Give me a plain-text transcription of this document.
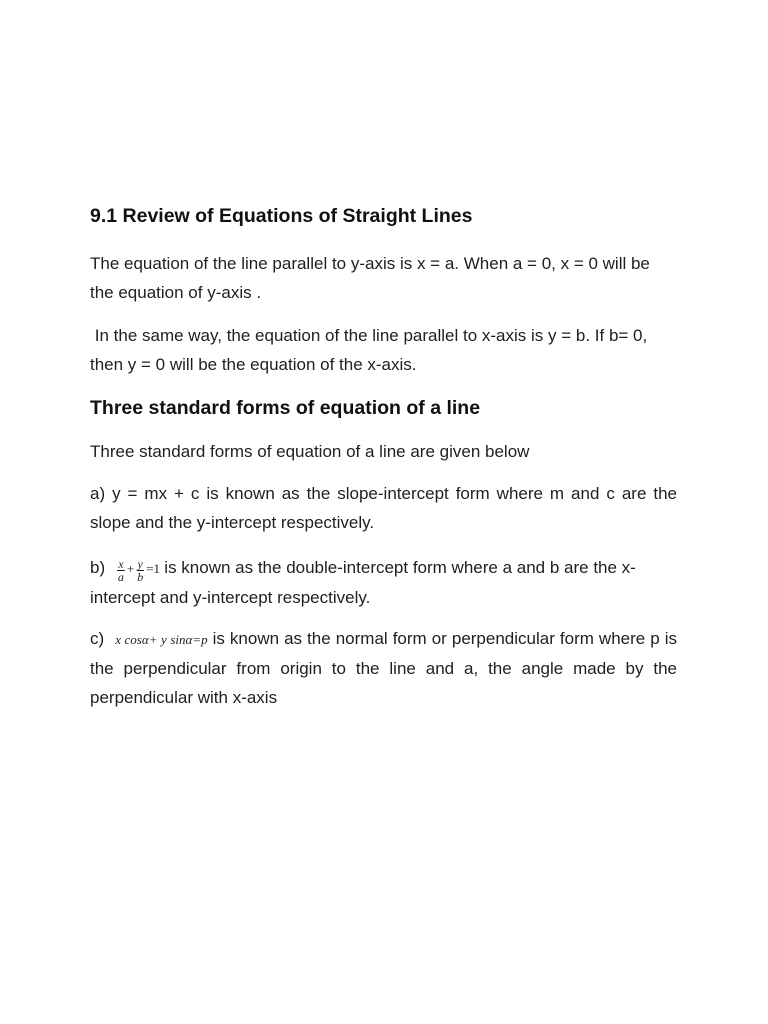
9.1 Review of Equations of Straight Lines

The equation of the line parallel to y-axis is x = a. When a = 0, x = 0 will be the equation of y-axis .

In the same way, the equation of the line parallel to x-axis is y = b. If b= 0, then y = 0 will be the equation of the x-axis.

Three standard forms of equation of a line

Three standard forms of equation of a line are given below

a) y = mx + c is known as the slope-intercept form where m and c are the slope and the y-intercept respectively.

$b) \frac{x}{a} + \frac{y}{b} =1$ is known as the double-intercept form where a and b are the x-intercept and y-intercept respectively.

c) x cosα+ y sinα=p is known as the normal form or perpendicular form where p is the perpendicular from origin to the line and a, the angle made by the perpendicular with x-axis
